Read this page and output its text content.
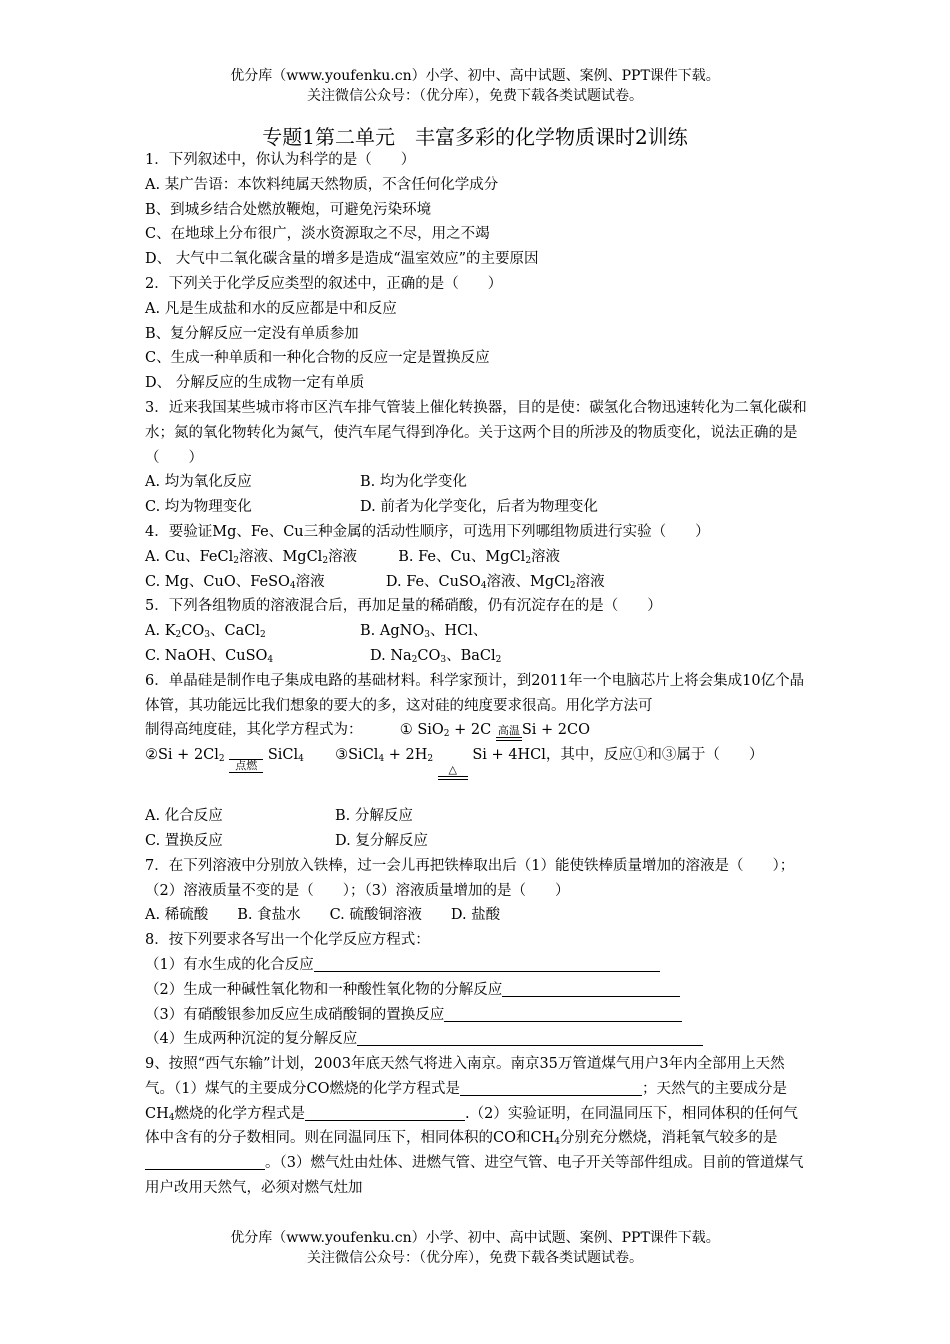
优分库（www.youfenku.cn）小学、初中、高中试题、案例、PPT课件下载。
关注微信公众号：（优分库），免费下载各类试题试卷。
专题1第二单元　丰富多彩的化学物质课时2训练

1．下列叙述中，你认为科学的是（　　）

A. 某广告语：本饮料纯属天然物质，不含任何化学成分

B、到城乡结合处燃放鞭炮，可避免污染环境

C、在地球上分布很广，淡水资源取之不尽，用之不竭

D、 大气中二氧化碳含量的增多是造成“温室效应”的主要原因

2．下列关于化学反应类型的叙述中，正确的是（　　）

A. 凡是生成盐和水的反应都是中和反应

B、复分解反应一定没有单质参加

C、生成一种单质和一种化合物的反应一定是置换反应

D、 分解反应的生成物一定有单质

3．近来我国某些城市将市区汽车排气管装上催化转换器，目的是使：碳氢化合物迅速转化为二氧化碳和水；氮的氧化物转化为氮气，使汽车尾气得到净化。关于这两个目的所涉及的物质变化，说法正确的是（　　）

A. 均为氧化反应	B. 均为化学变化

C. 均为物理变化	D. 前者为化学变化，后者为物理变化

4．要验证Mg、Fe、Cu三种金属的活动性顺序，可选用下列哪组物质进行实验（　　）

A. Cu、FeCl$_2$溶液、MgCl$_2$溶液	B. Fe、Cu、MgCl$_2$溶液

C. Mg、CuO、FeSO$_4$溶液	D. Fe、CuSO$_4$溶液、MgCl$_2$溶液

5．下列各组物质的溶液混合后，再加足量的稀硝酸，仍有沉淀存在的是（　　）

A. $K_2CO_3$、CaCl$_2$	B. AgNO$_3$、HCl、

C. NaOH、CuSO$_4$	D. $Na_2CO_3$、BaCl$_2$

6．单晶硅是制作电子集成电路的基础材料。科学家预计，到2011年一个电脑芯片上将会集成10亿个晶体管，其功能远比我们想象的要大的多，这对硅的纯度要求很高。用化学方法可

制得高纯度硅，其化学方程式为：	① SiO$_2$ + 2C 高温 Si + 2CO

②Si + $2Cl_2$ 点燃
SiCl$_4$ ③SiCl$_4$ + $2H_2$
△
Si + 4HCl，其中，反应①和③属于（　　）

A. 化合反应	B. 分解反应

C. 置换反应	D. 复分解反应

7．在下列溶液中分别放入铁棒，过一会儿再把铁棒取出后（1）能使铁棒质量增加的溶液是（　　）；（2）溶液质量不变的是（　　）；（3）溶液质量增加的是（　　）

A. 稀硫酸　　B. 食盐水　　C. 硫酸铜溶液　　D. 盐酸

8．按下列要求各写出一个化学反应方程式：

（1）有水生成的化合反应

（2）生成一种碱性氧化物和一种酸性氧化物的分解反应

（3）有硝酸银参加反应生成硝酸铜的置换反应

（4）生成两种沉淀的复分解反应

9、按照“西气东输”计划，2003年底天然气将进入南京。南京35万管道煤气用户3年内全部用上天然气。（1）煤气的主要成分CO燃烧的化学方程式是	；天然气的主要成分是$CH_4$燃烧的化学方程式是	.（2）实验证明，在同温同压下，相同体积的任何气体中含有的分子数相同。则在同温同压下，相同体积的CO和$CH_4$分别充分燃烧，消耗氧气较多的是。（3）燃气灶由灶体、进燃气管、进空气管、电子开关等部件组成。目前的管道煤气用户改用天然气，必须对燃气灶加

优分库（www.youfenku.cn）小学、初中、高中试题、案例、PPT课件下载。
关注微信公众号：（优分库），免费下载各类试题试卷。
